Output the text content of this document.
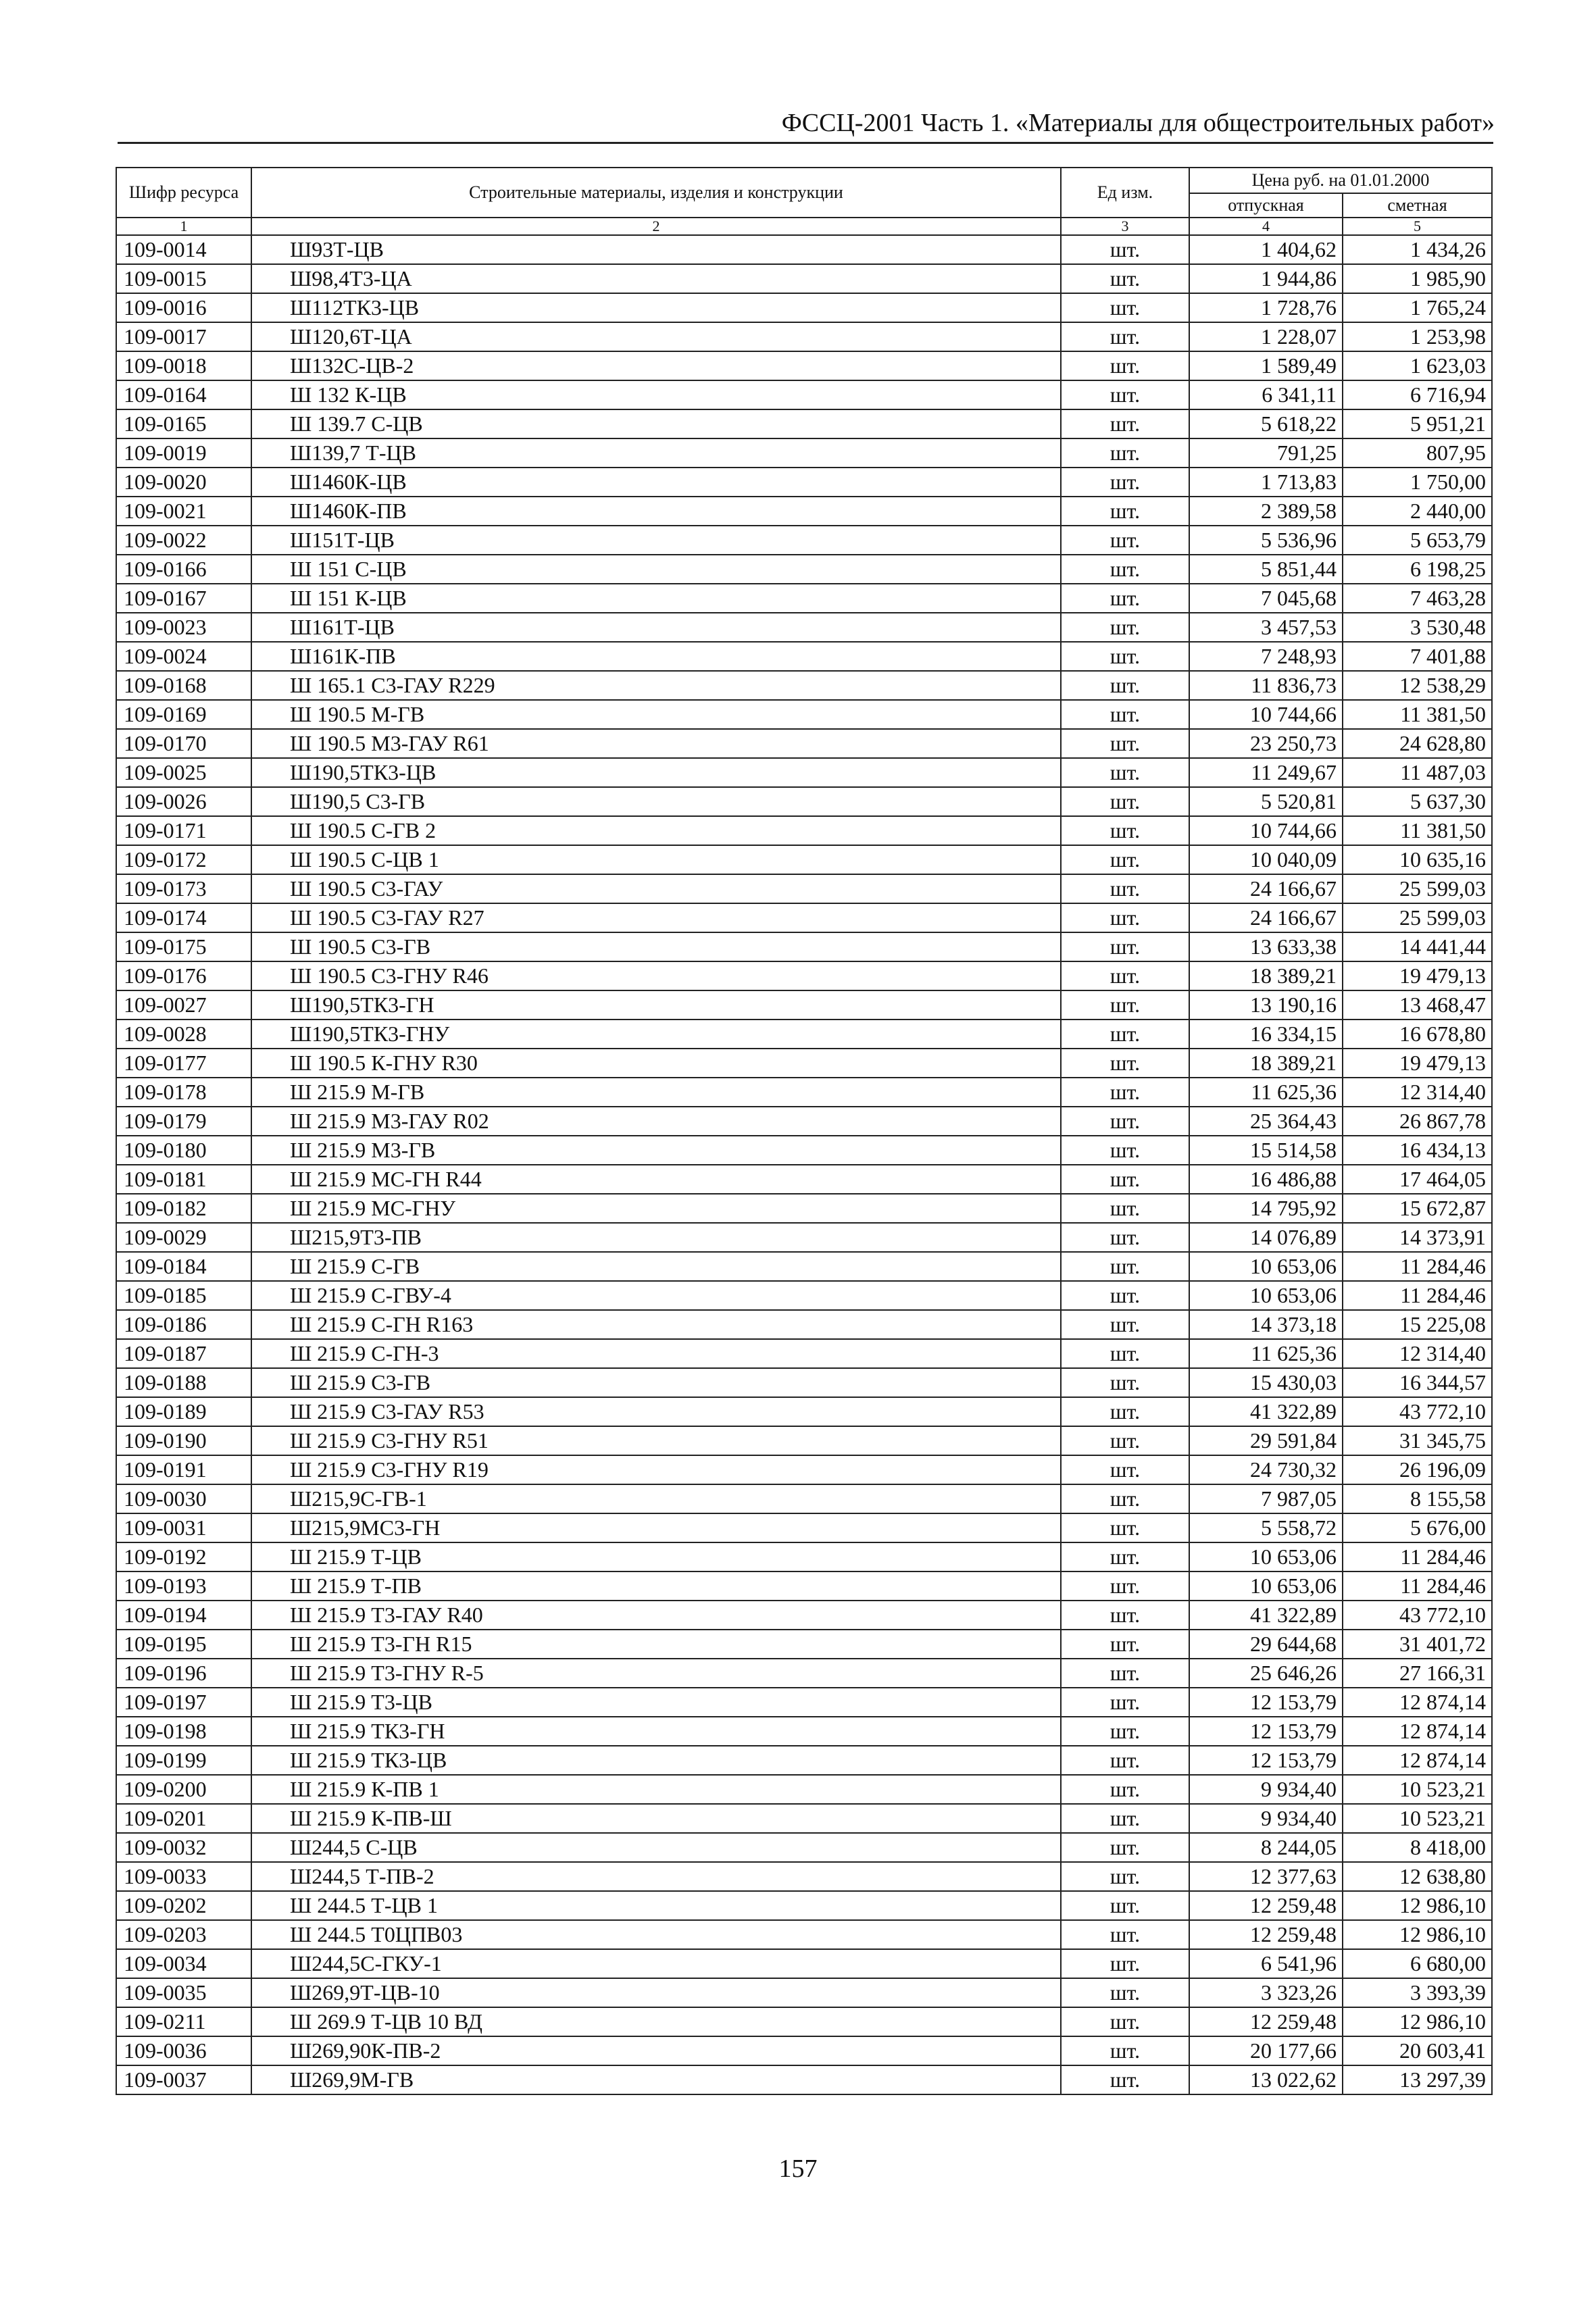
ФССЦ-2001 Часть 1. «Материалы для общестроительных работ»
Шифр ресурса	Строительные материалы, изделия и конструкции	Ед изм.	Цена руб. на 01.01.2000	
			отпускная	сметная
1	2	3	4	5
109-0014	Ш93Т-ЦВ	шт.	1 404,62	1 434,26
109-0015	Ш98,4Т3-ЦА	шт.	1 944,86	1 985,90
109-0016	Ш112ТК3-ЦВ	шт.	1 728,76	1 765,24
109-0017	Ш120,6Т-ЦА	шт.	1 228,07	1 253,98
109-0018	Ш132С-ЦВ-2	шт.	1 589,49	1 623,03
109-0164	Ш 132 К-ЦВ	шт.	6 341,11	6 716,94
109-0165	Ш 139.7 С-ЦВ	шт.	5 618,22	5 951,21
109-0019	Ш139,7 Т-ЦВ	шт.	791,25	807,95
109-0020	Ш1460К-ЦВ	шт.	1 713,83	1 750,00
109-0021	Ш1460К-ПВ	шт.	2 389,58	2 440,00
109-0022	Ш151Т-ЦВ	шт.	5 536,96	5 653,79
109-0166	Ш 151 С-ЦВ	шт.	5 851,44	6 198,25
109-0167	Ш 151 К-ЦВ	шт.	7 045,68	7 463,28
109-0023	Ш161Т-ЦВ	шт.	3 457,53	3 530,48
109-0024	Ш161К-ПВ	шт.	7 248,93	7 401,88
109-0168	Ш 165.1 С3-ГАУ R229	шт.	11 836,73	12 538,29
109-0169	Ш 190.5 М-ГВ	шт.	10 744,66	11 381,50
109-0170	Ш 190.5 М3-ГАУ R61	шт.	23 250,73	24 628,80
109-0025	Ш190,5ТК3-ЦВ	шт.	11 249,67	11 487,03
109-0026	Ш190,5 С3-ГВ	шт.	5 520,81	5 637,30
109-0171	Ш 190.5 С-ГВ 2	шт.	10 744,66	11 381,50
109-0172	Ш 190.5 С-ЦВ 1	шт.	10 040,09	10 635,16
109-0173	Ш 190.5 С3-ГАУ	шт.	24 166,67	25 599,03
109-0174	Ш 190.5 С3-ГАУ R27	шт.	24 166,67	25 599,03
109-0175	Ш 190.5 С3-ГВ	шт.	13 633,38	14 441,44
109-0176	Ш 190.5 С3-ГНУ R46	шт.	18 389,21	19 479,13
109-0027	Ш190,5ТК3-ГН	шт.	13 190,16	13 468,47
109-0028	Ш190,5ТК3-ГНУ	шт.	16 334,15	16 678,80
109-0177	Ш 190.5 К-ГНУ R30	шт.	18 389,21	19 479,13
109-0178	Ш 215.9 М-ГВ	шт.	11 625,36	12 314,40
109-0179	Ш 215.9 М3-ГАУ R02	шт.	25 364,43	26 867,78
109-0180	Ш 215.9 М3-ГВ	шт.	15 514,58	16 434,13
109-0181	Ш 215.9 МС-ГН R44	шт.	16 486,88	17 464,05
109-0182	Ш 215.9 МС-ГНУ	шт.	14 795,92	15 672,87
109-0029	Ш215,9Т3-ПВ	шт.	14 076,89	14 373,91
109-0184	Ш 215.9 С-ГВ	шт.	10 653,06	11 284,46
109-0185	Ш 215.9 С-ГВУ-4	шт.	10 653,06	11 284,46
109-0186	Ш 215.9 С-ГН R163	шт.	14 373,18	15 225,08
109-0187	Ш 215.9 С-ГН-3	шт.	11 625,36	12 314,40
109-0188	Ш 215.9 С3-ГВ	шт.	15 430,03	16 344,57
109-0189	Ш 215.9 С3-ГАУ R53	шт.	41 322,89	43 772,10
109-0190	Ш 215.9 С3-ГНУ R51	шт.	29 591,84	31 345,75
109-0191	Ш 215.9 С3-ГНУ R19	шт.	24 730,32	26 196,09
109-0030	Ш215,9С-ГВ-1	шт.	7 987,05	8 155,58
109-0031	Ш215,9МС3-ГН	шт.	5 558,72	5 676,00
109-0192	Ш 215.9 Т-ЦВ	шт.	10 653,06	11 284,46
109-0193	Ш 215.9 Т-ПВ	шт.	10 653,06	11 284,46
109-0194	Ш 215.9 Т3-ГАУ R40	шт.	41 322,89	43 772,10
109-0195	Ш 215.9 Т3-ГН R15	шт.	29 644,68	31 401,72
109-0196	Ш 215.9 Т3-ГНУ R-5	шт.	25 646,26	27 166,31
109-0197	Ш 215.9 Т3-ЦВ	шт.	12 153,79	12 874,14
109-0198	Ш 215.9 ТК3-ГН	шт.	12 153,79	12 874,14
109-0199	Ш 215.9 ТК3-ЦВ	шт.	12 153,79	12 874,14
109-0200	Ш 215.9 К-ПВ 1	шт.	9 934,40	10 523,21
109-0201	Ш 215.9 К-ПВ-Ш	шт.	9 934,40	10 523,21
109-0032	Ш244,5 С-ЦВ	шт.	8 244,05	8 418,00
109-0033	Ш244,5 Т-ПВ-2	шт.	12 377,63	12 638,80
109-0202	Ш 244.5 Т-ЦВ 1	шт.	12 259,48	12 986,10
109-0203	Ш 244.5 Т0ЦПВ03	шт.	12 259,48	12 986,10
109-0034	Ш244,5С-ГКУ-1	шт.	6 541,96	6 680,00
109-0035	Ш269,9Т-ЦВ-10	шт.	3 323,26	3 393,39
109-0211	Ш 269.9 Т-ЦВ 10 ВД	шт.	12 259,48	12 986,10
109-0036	Ш269,90К-ПВ-2	шт.	20 177,66	20 603,41
109-0037	Ш269,9М-ГВ	шт.	13 022,62	13 297,39
157
